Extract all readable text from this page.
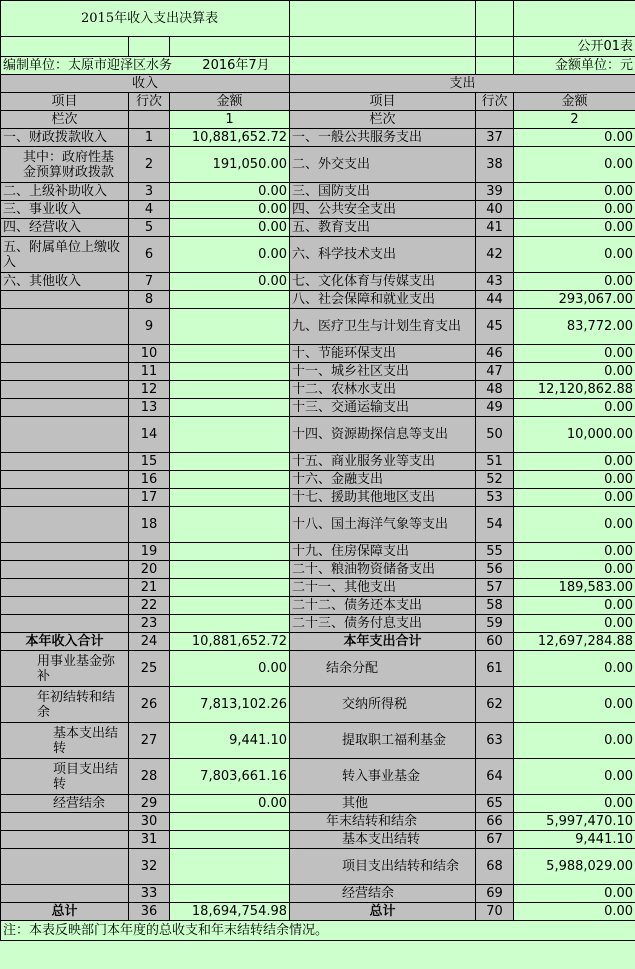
2015年收入支出决算表					
					公开01表
编制单位：太原市迎泽区水务 2016年7月					金额单位：元
收入			支出		
项目	行次	金额	项目	行次	金额
栏次		1	栏次		2
一、财政拨款收入	1	10,881,652.72	一、一般公共服务支出	37	0.00
其中：政府性基金预算财政拨款	2	191,050.00	二、外交支出	38	0.00
二、上级补助收入	3	0.00	三、国防支出	39	0.00
三、事业收入	4	0.00	四、公共安全支出	40	0.00
四、经营收入	5	0.00	五、教育支出	41	0.00
五、附属单位上缴收入	6	0.00	六、科学技术支出	42	0.00
六、其他收入	7	0.00	七、文化体育与传媒支出	43	0.00
	8		八、社会保障和就业支出	44	293,067.00
	9		九、医疗卫生与计划生育支出	45	83,772.00
	10		十、节能环保支出	46	0.00
	11		十一、城乡社区支出	47	0.00
	12		十二、农林水支出	48	12,120,862.88
	13		十三、交通运输支出	49	0.00
	14		十四、资源勘探信息等支出	50	10,000.00
	15		十五、商业服务业等支出	51	0.00
	16		十六、金融支出	52	0.00
	17		十七、援助其他地区支出	53	0.00
	18		十八、国土海洋气象等支出	54	0.00
	19		十九、住房保障支出	55	0.00
	20		二十、粮油物资储备支出	56	0.00
	21		二十一、其他支出	57	189,583.00
	22		二十二、债务还本支出	58	0.00
	23		二十三、债务付息支出	59	0.00
本年收入合计	24	10,881,652.72	本年支出合计	60	12,697,284.88
用事业基金弥补	25	0.00	结余分配	61	0.00
年初结转和结余	26	7,813,102.26	交纳所得税	62	0.00
基本支出结转	27	9,441.10	提取职工福利基金	63	0.00
项目支出结转	28	7,803,661.16	转入事业基金	64	0.00
经营结余	29	0.00	其他	65	0.00
	30		年末结转和结余	66	5,997,470.10
	31		基本支出结转	67	9,441.10
	32		项目支出结转和结余	68	5,988,029.00
	33		经营结余	69	0.00
总计	36	18,694,754.98	总计	70	0.00
注：本表反映部门本年度的总收支和年末结转结余情况。					
